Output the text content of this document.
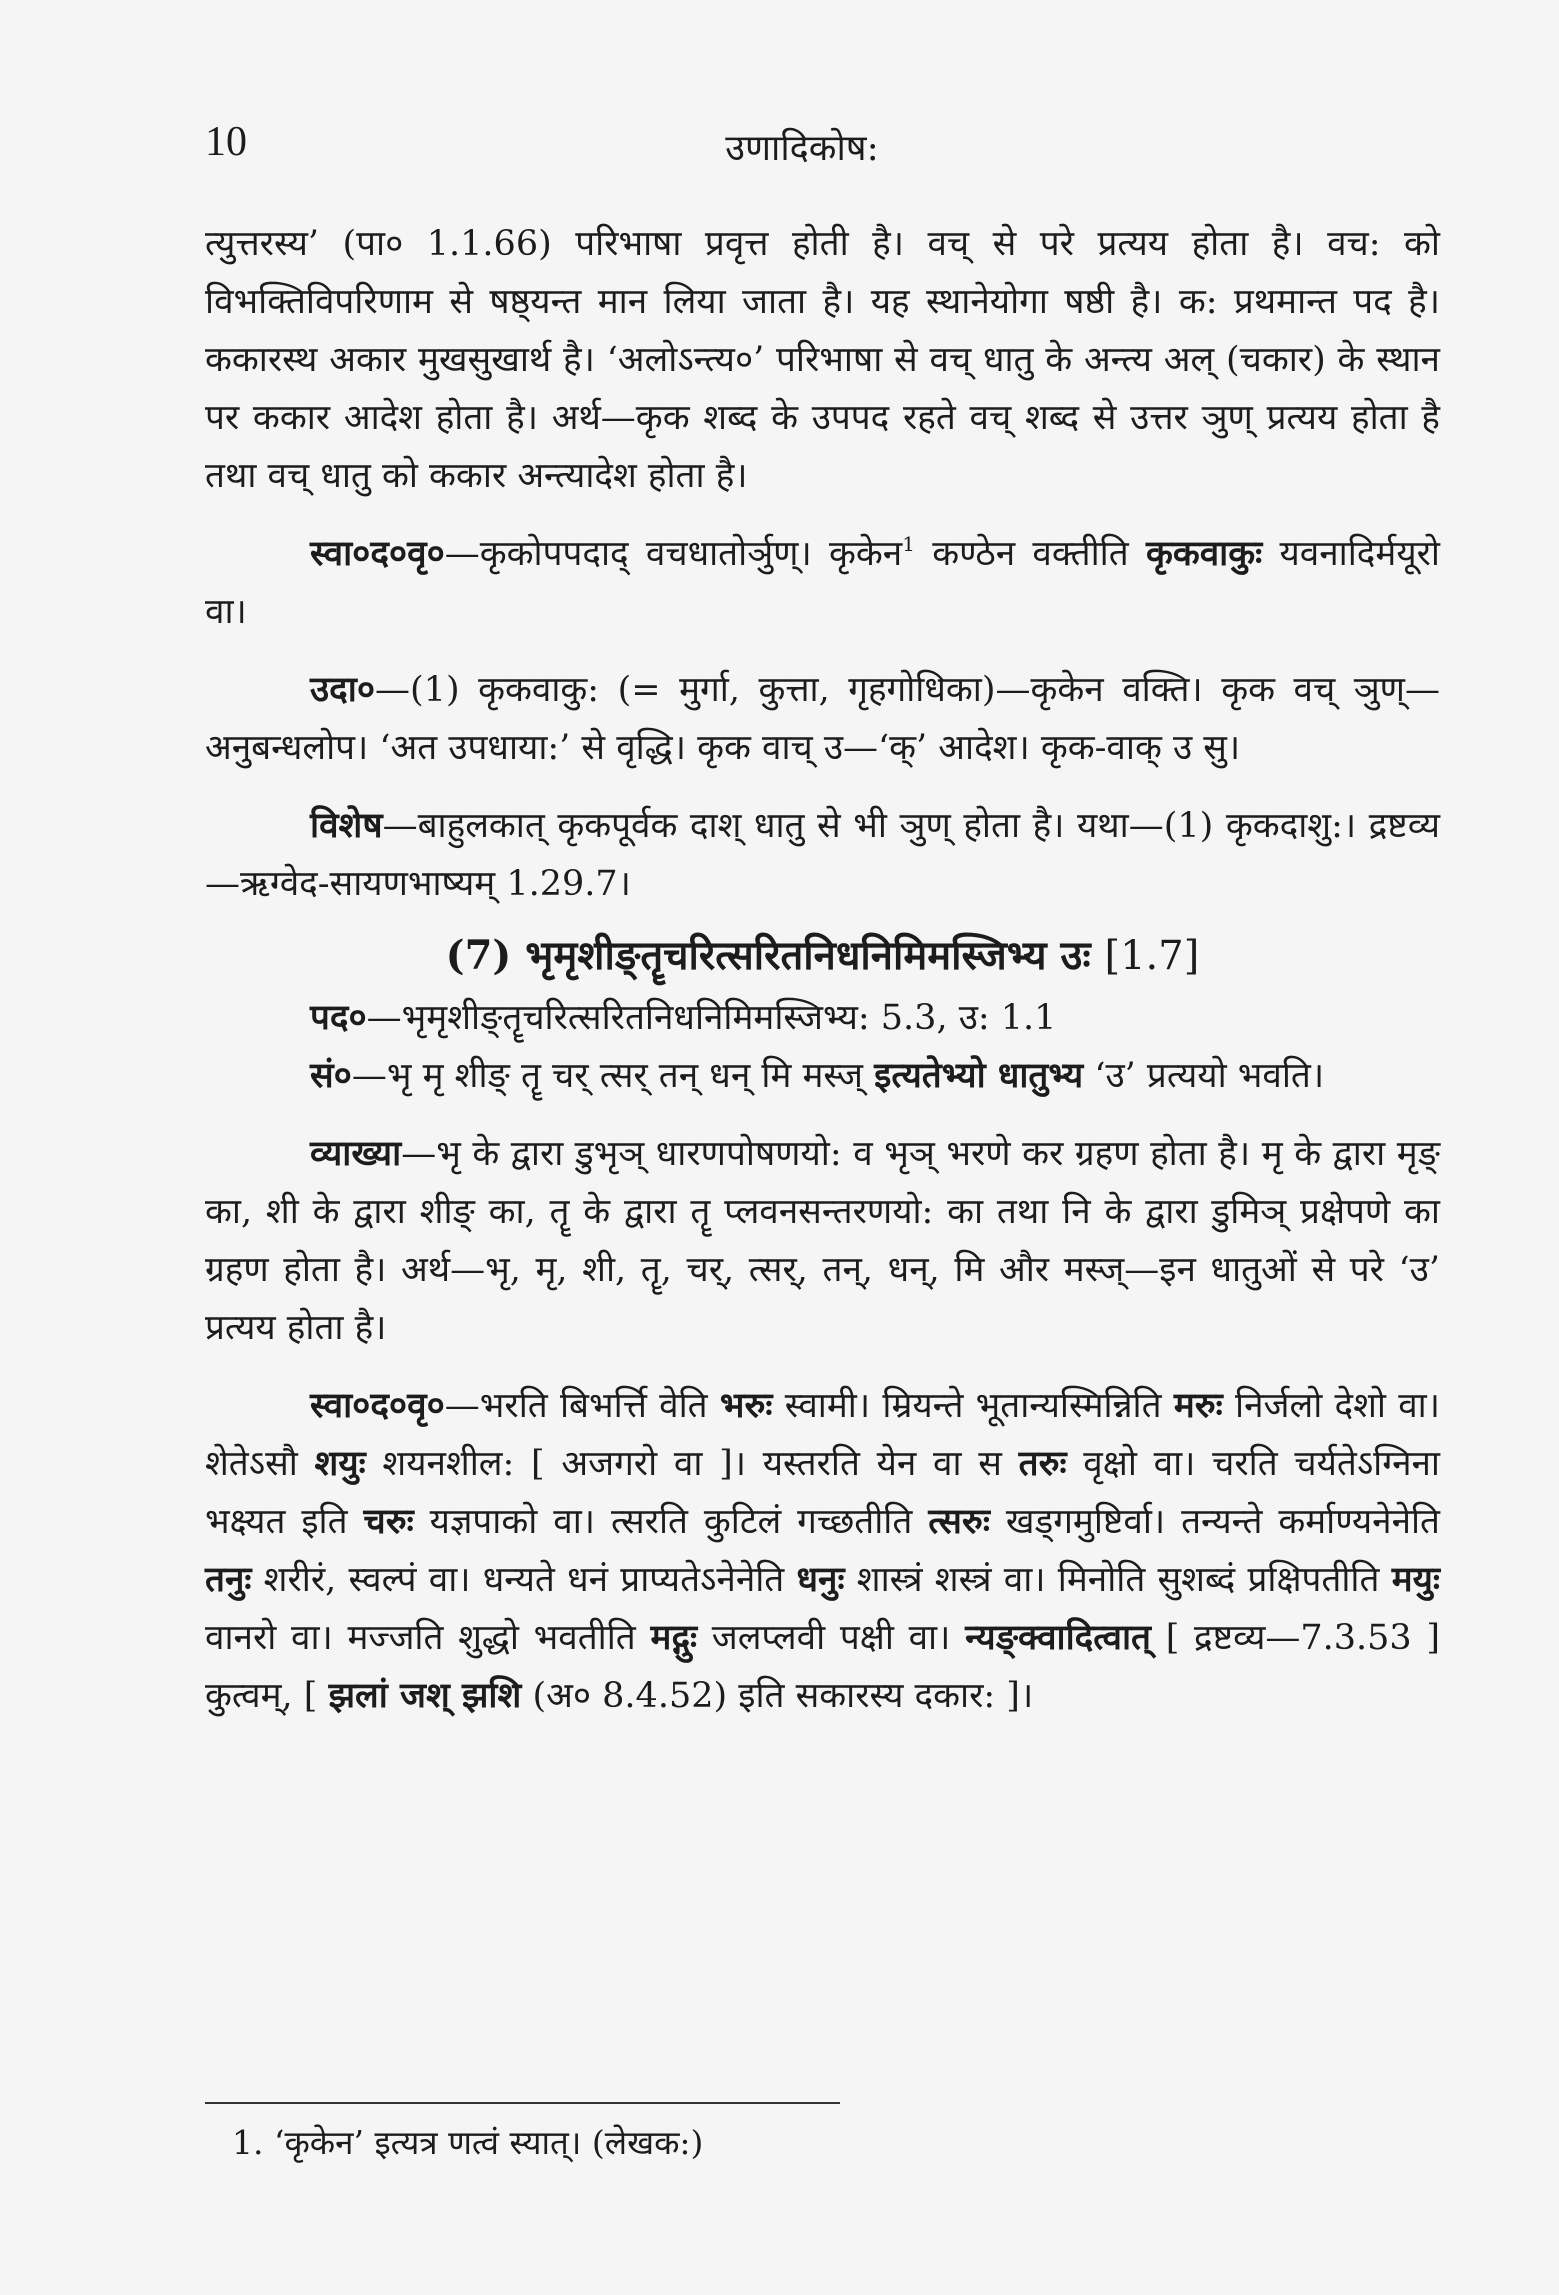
10	उणादिकोष:

त्युत्तरस्य’ (पा० 1.1.66) परिभाषा प्रवृत्त होती है। वच् से परे प्रत्यय होता है। वच: को विभक्तिविपरिणाम से षष्ठ्यन्त मान लिया जाता है। यह स्थानेयोगा षष्ठी है। क: प्रथमान्त पद है। ककारस्थ अकार मुखसुखार्थ है। ‘अलोऽन्त्य०’ परिभाषा से वच् धातु के अन्त्य अल् (चकार) के स्थान पर ककार आदेश होता है। अर्थ—कृक शब्द के उपपद रहते वच् शब्द से उत्तर ञुण् प्रत्यय होता है तथा वच् धातु को ककार अन्त्यादेश होता है।

स्वा०द०वृ०—कृकोपपदाद् वचधातोर्ञुण्। कृकेन$^1$ कण्ठेन वक्तीति कृकवाकुः यवनादिर्मयूरो वा।

उदा०—(1) कृकवाकु: (= मुर्गा, कुत्ता, गृहगोधिका)—कृकेन वक्ति। कृक वच् ञुण्—अनुबन्धलोप। ‘अत उपधाया:’ से वृद्धि। कृक वाच् उ—‘क्’ आदेश। कृक-वाक् उ सु।

विशेष—बाहुलकात् कृकपूर्वक दाश् धातु से भी ञुण् होता है। यथा—(1) कृकदाशु:। द्रष्टव्य—ऋग्वेद-सायणभाष्यम् 1.29.7।

(7) भृमृशीङ्तॄचरित्सरितनिधनिमिमस्जिभ्य उः [1.7]

पद०—भृमृशीङ्तॄचरित्सरितनिधनिमिमस्जिभ्य: 5.3, उ: 1.1

सं०—भृ मृ शीङ् तॄ चर् त्सर् तन् धन् मि मस्ज् इत्यतेभ्यो धातुभ्य ‘उ’ प्रत्ययो भवति।

व्याख्या—भृ के द्वारा डुभृञ् धारणपोषणयो: व भृञ् भरणे कर ग्रहण होता है। मृ के द्वारा मृङ् का, शी के द्वारा शीङ् का, तॄ के द्वारा तॄ प्लवनसन्तरणयो: का तथा नि के द्वारा डुमिञ् प्रक्षेपणे का ग्रहण होता है। अर्थ—भृ, मृ, शी, तॄ, चर्, त्सर्, तन्, धन्, मि और मस्ज्—इन धातुओं से परे ‘उ’ प्रत्यय होता है।

स्वा०द०वृ०—भरति बिभर्त्ति वेति भरुः स्वामी। म्रियन्ते भूतान्यस्मिन्निति मरुः निर्जलो देशो वा। शेतेऽसौ शयुः शयनशील: [ अजगरो वा ]। यस्तरति येन वा स तरुः वृक्षो वा। चरति चर्यतेऽग्निना भक्ष्यत इति चरुः यज्ञपाको वा। त्सरति कुटिलं गच्छतीति त्सरुः खड्गमुष्टिर्वा। तन्यन्ते कर्माण्यनेनेति तनुः शरीरं, स्वल्पं वा। धन्यते धनं प्राप्यतेऽनेनेति धनुः शास्त्रं शस्त्रं वा। मिनोति सुशब्दं प्रक्षिपतीति मयुः वानरो वा। मज्जति शुद्धो भवतीति मद्गुः जलप्लवी पक्षी वा। न्यङ्क्वादित्वात् [ द्रष्टव्य—7.3.53 ] कुत्वम्, [ झलां जश् झशि (अ० 8.4.52) इति सकारस्य दकार: ]।

1. ‘कृकेन’ इत्यत्र णत्वं स्यात्। (लेखक:)
